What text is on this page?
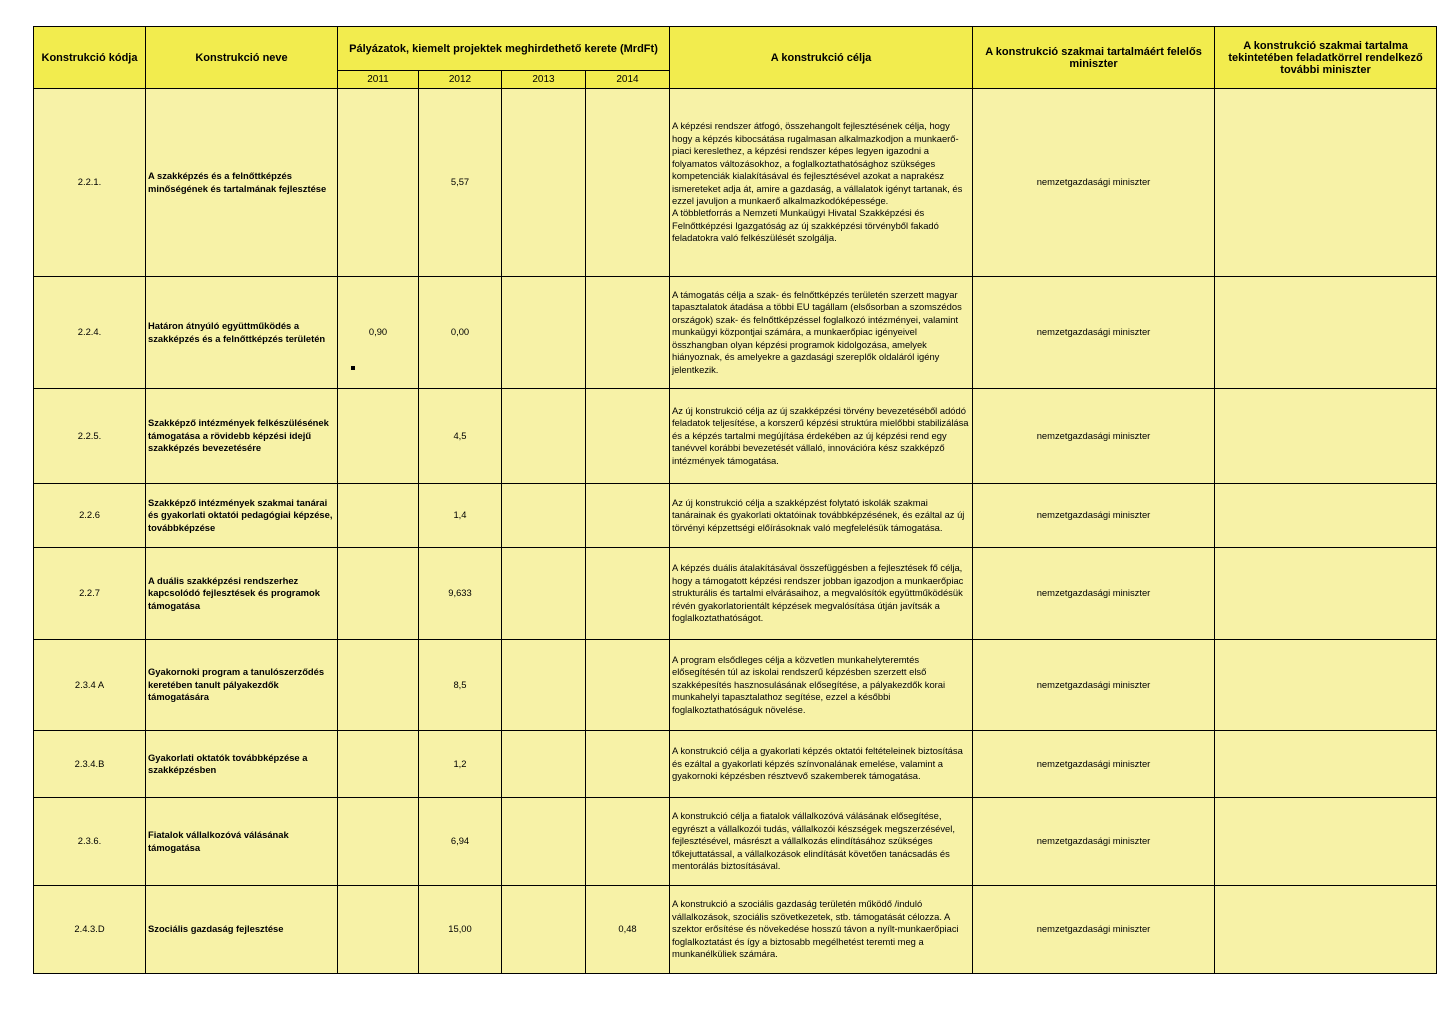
Konstrukció kódja	Konstrukció neve	Pályázatok, kiemelt projektek meghirdethető kerete (MrdFt)				A konstrukció célja	A konstrukció szakmai tartalmáért felelős miniszter	A konstrukció szakmai tartalma tekintetében feladatkörrel rendelkező további miniszter
		2011	2012	2013	2014			
2.2.1.	A szakképzés és a felnőttképzés minőségének és tartalmának fejlesztése		5,57			A képzési rendszer átfogó, összehangolt fejlesztésének célja, hogy hogy a képzés kibocsátása rugalmasan alkalmazkodjon a munkaerő-piaci kereslethez, a képzési rendszer képes legyen igazodni a folyamatos változásokhoz, a foglalkoztathatósághoz szükséges kompetenciák kialakításával és fejlesztésével azokat a naprakész ismereteket adja át, amire a gazdaság, a vállalatok igényt tartanak, és ezzel javuljon a munkaerő alkalmazkodóképessége.
A többletforrás a Nemzeti Munkaügyi Hivatal Szakképzési és Felnőttképzési Igazgatóság az új szakképzési törvényből fakadó feladatokra való felkészülését szolgálja.	nemzetgazdasági miniszter	
2.2.4.	Határon átnyúló együttműködés a szakképzés és a felnőttképzés területén	0,90	0,00			A támogatás célja a szak- és felnőttképzés területén szerzett magyar tapasztalatok átadása a többi EU tagállam (elsősorban a szomszédos országok) szak- és felnőttképzéssel foglalkozó intézményei, valamint munkaügyi központjai számára, a munkaerőpiac igényeivel összhangban olyan képzési programok kidolgozása, amelyek hiányoznak, és amelyekre a gazdasági szereplők oldaláról igény jelentkezik.	nemzetgazdasági miniszter	
2.2.5.	Szakképző intézmények felkészülésének támogatása a rövidebb képzési idejű szakképzés bevezetésére		4,5			Az új konstrukció célja az új szakképzési törvény bevezetéséből adódó feladatok teljesítése, a korszerű képzési struktúra mielőbbi stabilizálása és a képzés tartalmi megújítása érdekében az új képzési rend egy tanévvel korábbi bevezetését vállaló, innovációra kész szakképző intézmények támogatása.	nemzetgazdasági miniszter	
2.2.6	Szakképző intézmények szakmai tanárai és gyakorlati oktatói pedagógiai képzése, továbbképzése		1,4			Az új konstrukció célja a szakképzést folytató iskolák szakmai tanárainak és gyakorlati oktatóinak továbbképzésének, és ezáltal az új törvényi képzettségi előírásoknak való megfelelésük támogatása.	nemzetgazdasági miniszter	
2.2.7	A duális szakképzési rendszerhez kapcsolódó fejlesztések és programok támogatása		9,633			A képzés duális átalakításával összefüggésben a fejlesztések fő célja, hogy a támogatott képzési rendszer jobban igazodjon a munkaerőpiac strukturális és tartalmi elvárásaihoz, a megvalósítók együttműködésük révén gyakorlatorientált képzések megvalósítása útján javítsák a foglalkoztathatóságot.	nemzetgazdasági miniszter	
2.3.4 A	Gyakornoki program a tanulószerződés keretében tanult pályakezdők támogatására		8,5			A program elsődleges célja a közvetlen munkahelyteremtés elősegítésén túl az iskolai rendszerű képzésben szerzett első szakképesítés hasznosulásának elősegítése, a pályakezdők korai munkahelyi tapasztalathoz segítése, ezzel a későbbi foglalkoztathatóságuk növelése.	nemzetgazdasági miniszter	
2.3.4.B	Gyakorlati oktatók továbbképzése a szakképzésben		1,2			A konstrukció célja a gyakorlati képzés oktatói feltételeinek biztosítása és ezáltal a gyakorlati képzés színvonalának emelése, valamint a gyakornoki képzésben résztvevő szakemberek támogatása.	nemzetgazdasági miniszter	
2.3.6.	Fiatalok vállalkozóvá válásának támogatása		6,94			A konstrukció célja a fiatalok vállalkozóvá válásának elősegítése, egyrészt a vállalkozói tudás, vállalkozói készségek megszerzésével, fejlesztésével, másrészt a vállalkozás elindításához szükséges tőkejuttatással, a vállalkozások elindítását követően tanácsadás és mentorálás biztosításával.	nemzetgazdasági miniszter	
2.4.3.D	Szociális gazdaság fejlesztése		15,00		0,48	A konstrukció a szociális gazdaság területén működő /induló vállalkozások, szociális szövetkezetek, stb. támogatását célozza. A szektor erősítése és növekedése hosszú távon a nyílt-munkaerőpiaci foglalkoztatást és így a biztosabb megélhetést teremti meg a munkanélküliek számára.	nemzetgazdasági miniszter	
